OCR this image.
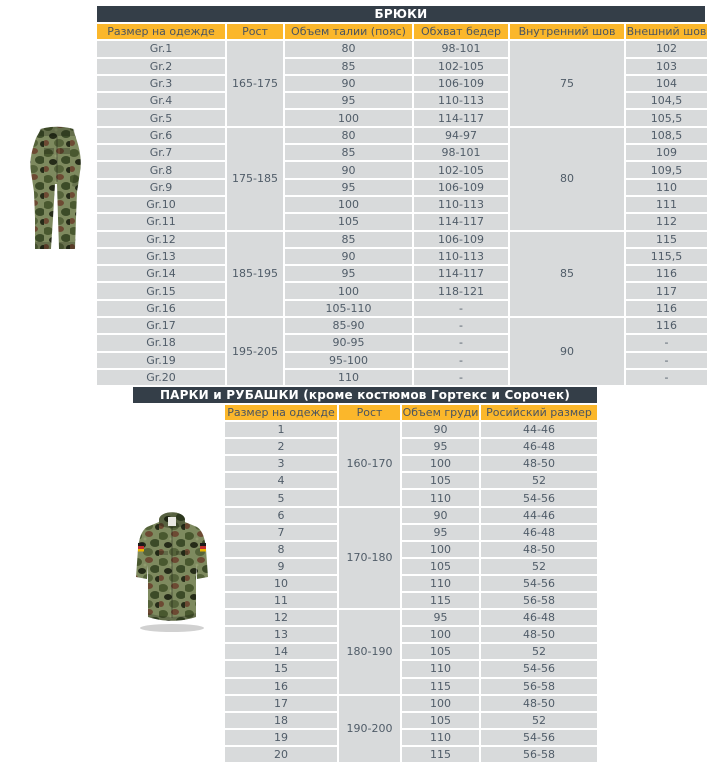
БРЮКИ
Размер на одежде	Рост	Объем талии (пояс)	Обхват бедер	Внутренний шов	Внешний шов
Gr.1	165-175	80	98-101	75	102
Gr.2		85	102-105		103
Gr.3		90	106-109		104
Gr.4		95	110-113		104,5
Gr.5		100	114-117		105,5
Gr.6	175-185	80	94-97	80	108,5
Gr.7		85	98-101		109
Gr.8		90	102-105		109,5
Gr.9		95	106-109		110
Gr.10		100	110-113		111
Gr.11		105	114-117		112
Gr.12	185-195	85	106-109	85	115
Gr.13		90	110-113		115,5
Gr.14		95	114-117		116
Gr.15		100	118-121		117
Gr.16		105-110	-		116
Gr.17	195-205	85-90	-	90	116
Gr.18		90-95	-		-
Gr.19		95-100	-		-
Gr.20		110	-		-
ПАРКИ и РУБАШКИ (кроме костюмов Гортекс и Сорочек)
Размер на одежде	Рост	Объем груди	Росийский размер
1	160-170	90	44-46
2		95	46-48
3		100	48-50
4		105	52
5		110	54-56
6	170-180	90	44-46
7		95	46-48
8		100	48-50
9		105	52
10		110	54-56
11		115	56-58
12	180-190	95	46-48
13		100	48-50
14		105	52
15		110	54-56
16		115	56-58
17	190-200	100	48-50
18		105	52
19		110	54-56
20		115	56-58
